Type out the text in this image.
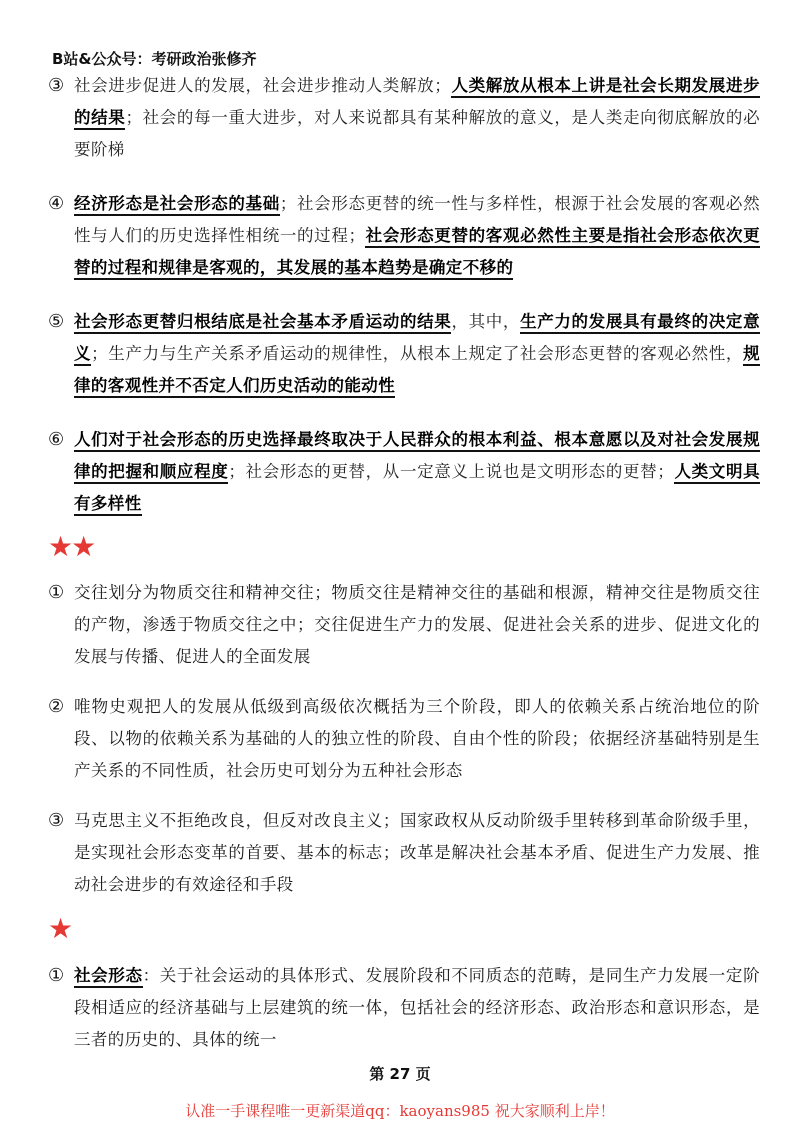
B站&公众号：考研政治张修齐
③ 社会进步促进人的发展，社会进步推动人类解放；人类解放从根本上讲是社会长期发展进步的结果；社会的每一重大进步，对人来说都具有某种解放的意义，是人类走向彻底解放的必要阶梯
④ 经济形态是社会形态的基础；社会形态更替的统一性与多样性，根源于社会发展的客观必然性与人们的历史选择性相统一的过程；社会形态更替的客观必然性主要是指社会形态依次更替的过程和规律是客观的，其发展的基本趋势是确定不移的
⑤ 社会形态更替归根结底是社会基本矛盾运动的结果，其中，生产力的发展具有最终的决定意义；生产力与生产关系矛盾运动的规律性，从根本上规定了社会形态更替的客观必然性，规律的客观性并不否定人们历史活动的能动性
⑥ 人们对于社会形态的历史选择最终取决于人民群众的根本利益、根本意愿以及对社会发展规律的把握和顺应程度；社会形态的更替，从一定意义上说也是文明形态的更替；人类文明具有多样性
★★
① 交往划分为物质交往和精神交往；物质交往是精神交往的基础和根源，精神交往是物质交往的产物，渗透于物质交往之中；交往促进生产力的发展、促进社会关系的进步、促进文化的发展与传播、促进人的全面发展
② 唯物史观把人的发展从低级到高级依次概括为三个阶段，即人的依赖关系占统治地位的阶段、以物的依赖关系为基础的人的独立性的阶段、自由个性的阶段；依据经济基础特别是生产关系的不同性质，社会历史可划分为五种社会形态
③ 马克思主义不拒绝改良，但反对改良主义；国家政权从反动阶级手里转移到革命阶级手里，是实现社会形态变革的首要、基本的标志；改革是解决社会基本矛盾、促进生产力发展、推动社会进步的有效途径和手段
★
① 社会形态：关于社会运动的具体形式、发展阶段和不同质态的范畴，是同生产力发展一定阶段相适应的经济基础与上层建筑的统一体，包括社会的经济形态、政治形态和意识形态，是三者的历史的、具体的统一
第 27 页
认准一手课程唯一更新渠道qq：kaoyans985 祝大家顺利上岸！
